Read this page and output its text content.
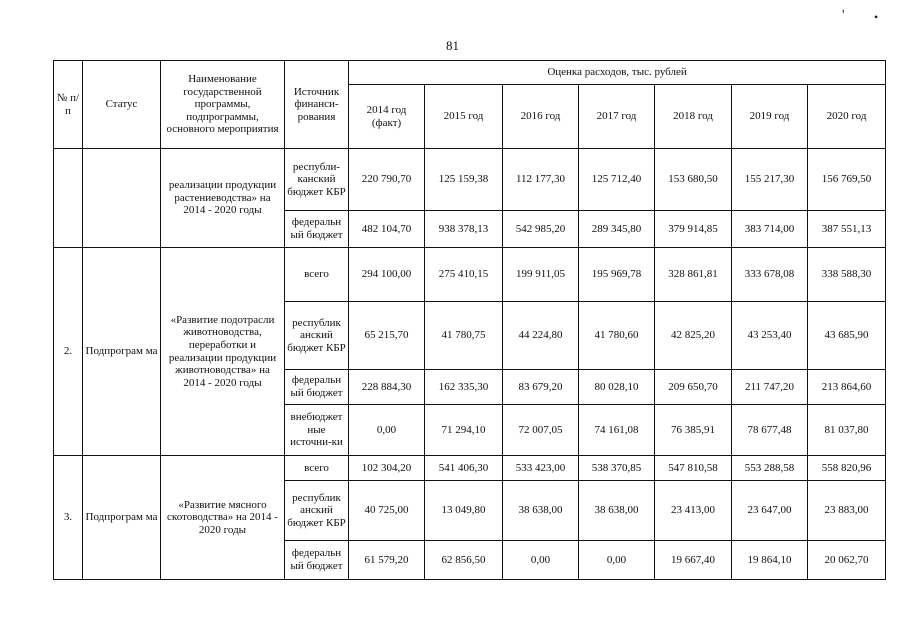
' •
81
№ п/п	Статус	Наименование государственной программы, подпрограммы, основного мероприятия	Источник финанси-рования	Оценка расходов, тыс. рублей						
				2014 год (факт)	2015 год	2016 год	2017 год	2018 год	2019 год	2020 год
		реализации продукции растениеводства» на 2014 - 2020 годы	республи-канский бюджет КБР	220 790,70	125 159,38	112 177,30	125 712,40	153 680,50	155 217,30	156 769,50
			федеральн ый бюджет	482 104,70	938 378,13	542 985,20	289 345,80	379 914,85	383 714,00	387 551,13
2.	Подпрограм ма	«Развитие подотрасли животноводства, переработки и реализации продукции животноводства» на 2014 - 2020 годы	всего	294 100,00	275 410,15	199 911,05	195 969,78	328 861,81	333 678,08	338 588,30
			республик анский бюджет КБР	65 215,70	41 780,75	44 224,80	41 780,60	42 825,20	43 253,40	43 685,90
			федеральн ый бюджет	228 884,30	162 335,30	83 679,20	80 028,10	209 650,70	211 747,20	213 864,60
			внебюджет ные источни-ки	0,00	71 294,10	72 007,05	74 161,08	76 385,91	78 677,48	81 037,80
3.	Подпрограм ма	«Развитие мясного скотоводства» на 2014 - 2020 годы	всего	102 304,20	541 406,30	533 423,00	538 370,85	547 810,58	553 288,58	558 820,96
			республик анский бюджет КБР	40 725,00	13 049,80	38 638,00	38 638,00	23 413,00	23 647,00	23 883,00
			федеральн ый бюджет	61 579,20	62 856,50	0,00	0,00	19 667,40	19 864,10	20 062,70
